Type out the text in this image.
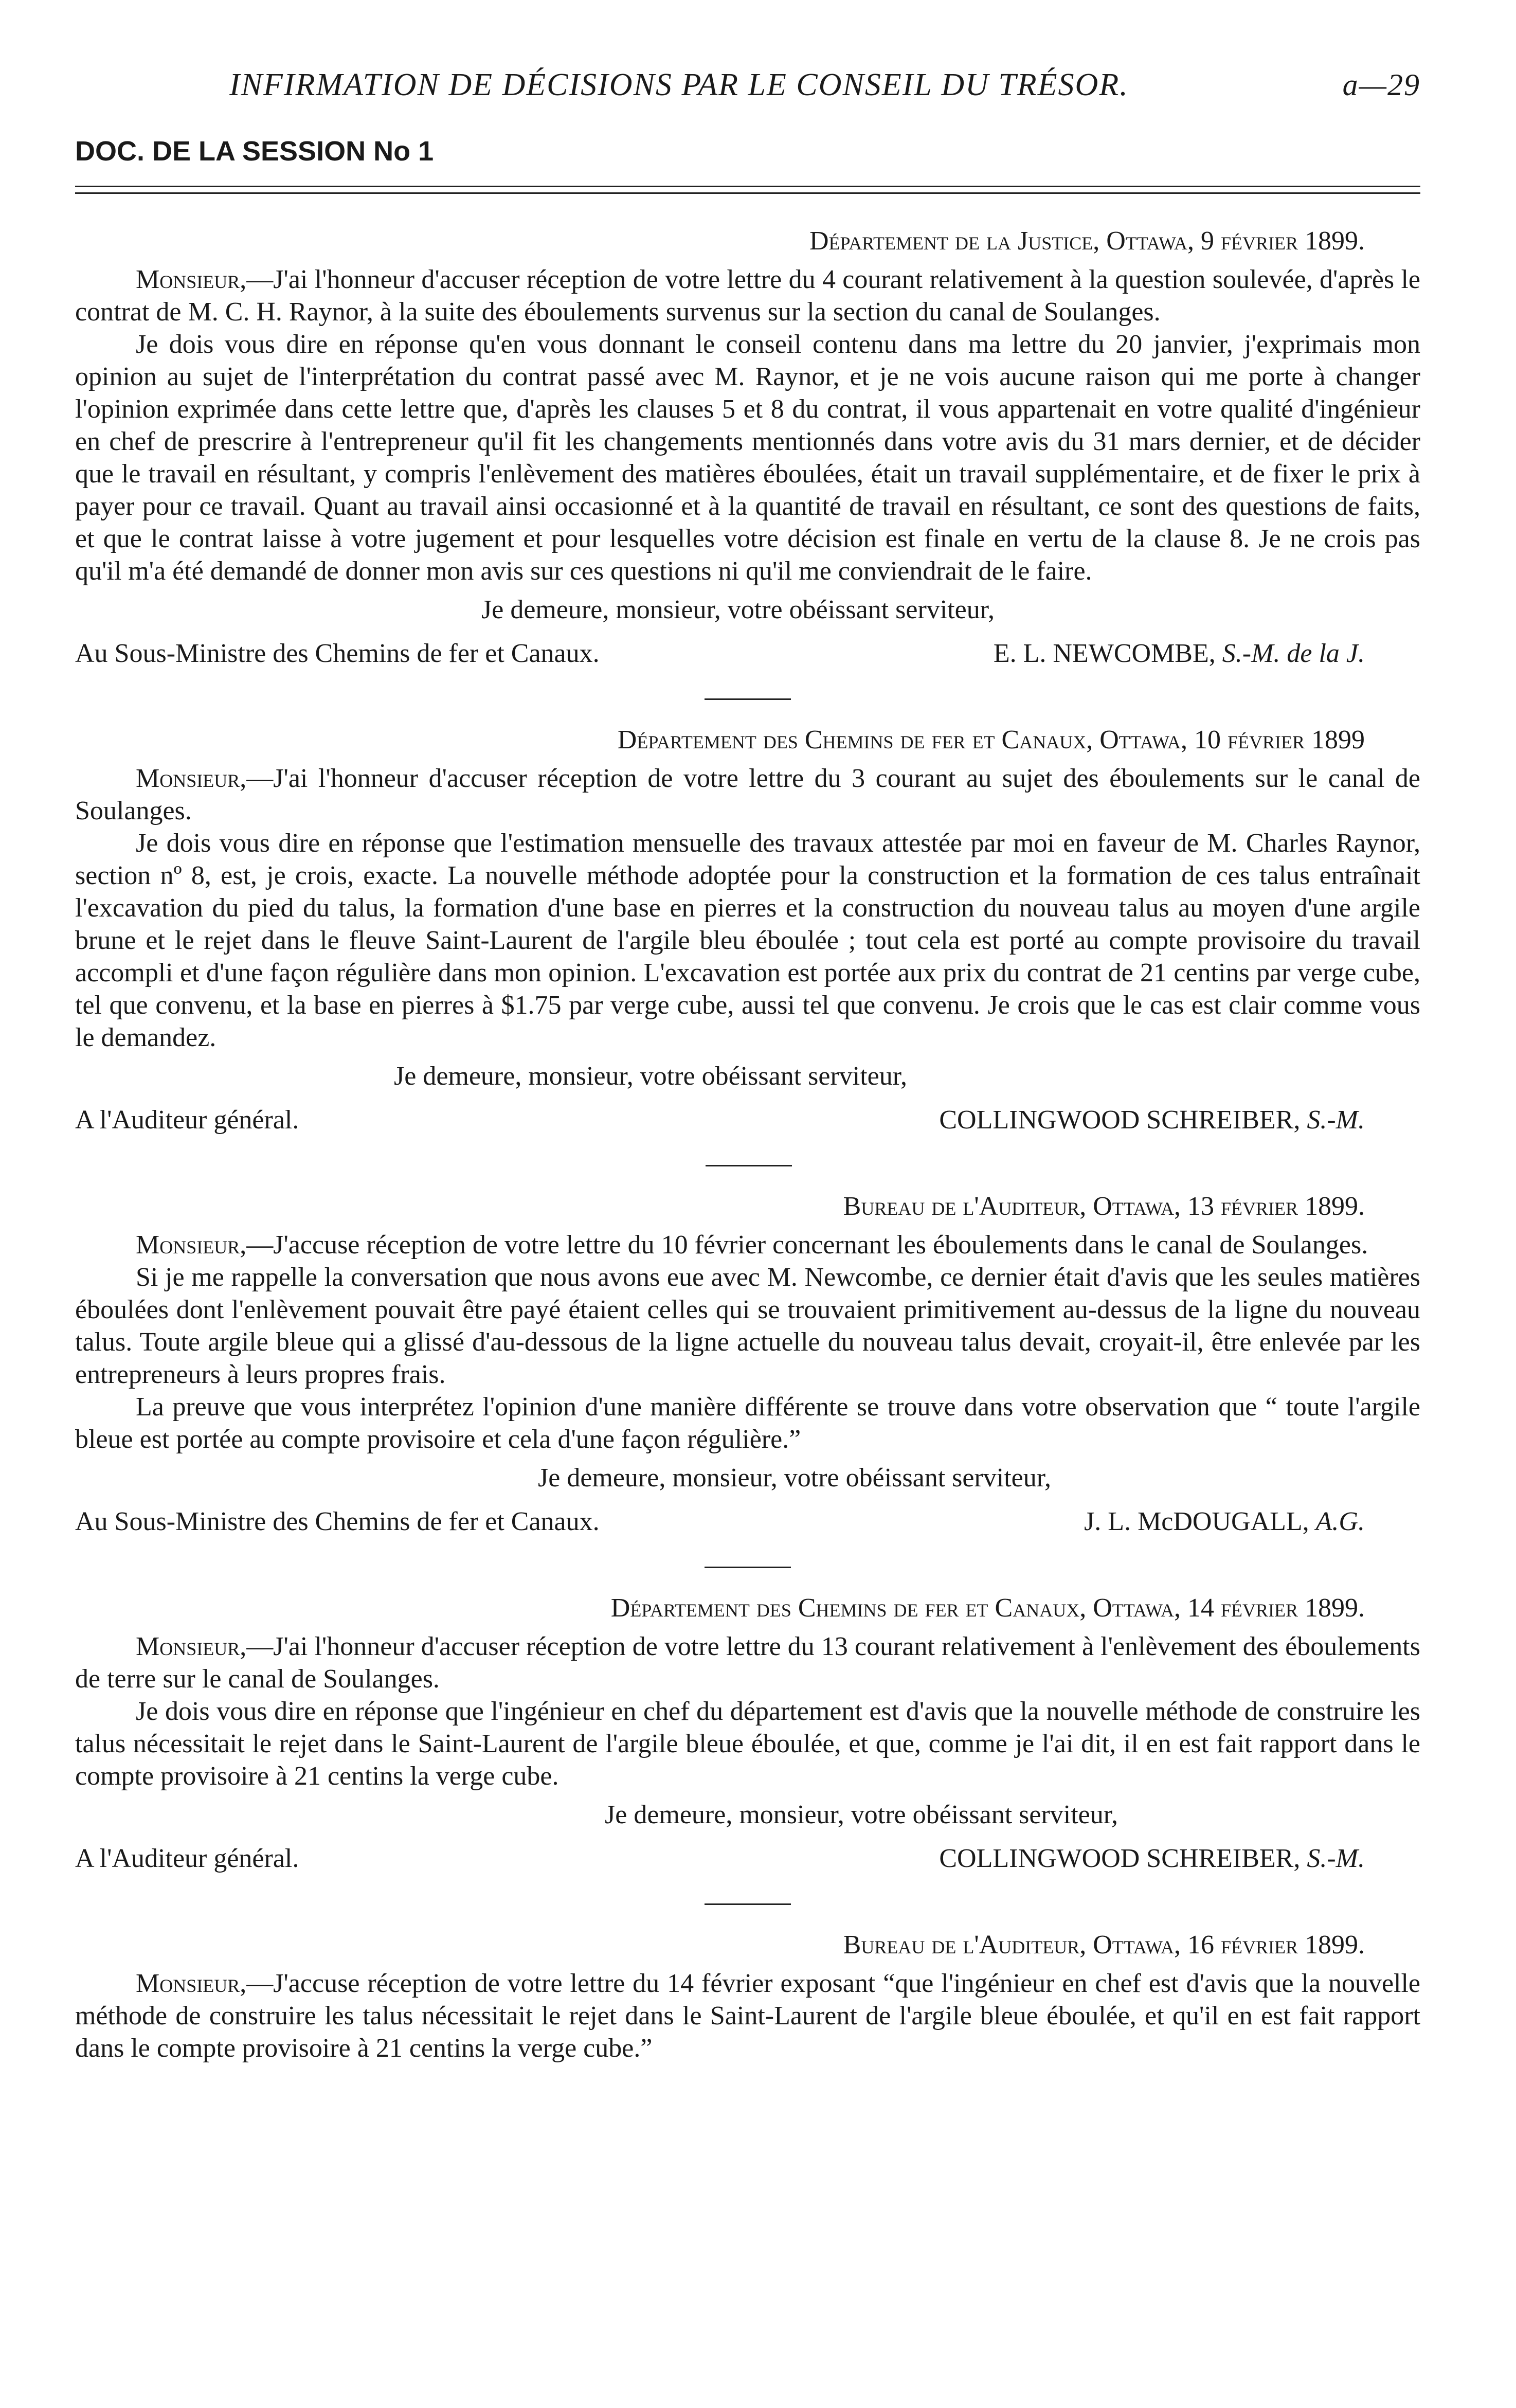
INFIRMATION DE DÉCISIONS PAR LE CONSEIL DU TRÉSOR.	a—29
DOC. DE LA SESSION No 1
Département de la Justice, Ottawa, 9 février 1899.

Monsieur,—J'ai l'honneur d'accuser réception de votre lettre du 4 courant relativement à la question soulevée, d'après le contrat de M. C. H. Raynor, à la suite des éboulements survenus sur la section du canal de Soulanges.

Je dois vous dire en réponse qu'en vous donnant le conseil contenu dans ma lettre du 20 janvier, j'exprimais mon opinion au sujet de l'interprétation du contrat passé avec M. Raynor, et je ne vois aucune raison qui me porte à changer l'opinion exprimée dans cette lettre que, d'après les clauses 5 et 8 du contrat, il vous appartenait en votre qualité d'ingénieur en chef de prescrire à l'entrepreneur qu'il fit les changements mentionnés dans votre avis du 31 mars dernier, et de décider que le travail en résultant, y compris l'enlèvement des matières éboulées, était un travail supplémentaire, et de fixer le prix à payer pour ce travail. Quant au travail ainsi occasionné et à la quantité de travail en résultant, ce sont des questions de faits, et que le contrat laisse à votre jugement et pour lesquelles votre décision est finale en vertu de la clause 8. Je ne crois pas qu'il m'a été demandé de donner mon avis sur ces questions ni qu'il me conviendrait de le faire.

Je demeure, monsieur, votre obéissant serviteur,
Au Sous-Ministre des Chemins de fer et Canaux.	E. L. NEWCOMBE, S.-M. de la J.
Département des Chemins de fer et Canaux, Ottawa, 10 février 1899

Monsieur,—J'ai l'honneur d'accuser réception de votre lettre du 3 courant au sujet des éboulements sur le canal de Soulanges.

Je dois vous dire en réponse que l'estimation mensuelle des travaux attestée par moi en faveur de M. Charles Raynor, section nº 8, est, je crois, exacte. La nouvelle méthode adoptée pour la construction et la formation de ces talus entraînait l'excavation du pied du talus, la formation d'une base en pierres et la construction du nouveau talus au moyen d'une argile brune et le rejet dans le fleuve Saint-Laurent de l'argile bleu éboulée ; tout cela est porté au compte provisoire du travail accompli et d'une façon régulière dans mon opinion. L'excavation est portée aux prix du contrat de 21 centins par verge cube, tel que convenu, et la base en pierres à $1.75 par verge cube, aussi tel que convenu. Je crois que le cas est clair comme vous le demandez.

Je demeure, monsieur, votre obéissant serviteur,
A l'Auditeur général.	COLLINGWOOD SCHREIBER, S.-M.
Bureau de l'Auditeur, Ottawa, 13 février 1899.

Monsieur,—J'accuse réception de votre lettre du 10 février concernant les éboulements dans le canal de Soulanges.

Si je me rappelle la conversation que nous avons eue avec M. Newcombe, ce dernier était d'avis que les seules matières éboulées dont l'enlèvement pouvait être payé étaient celles qui se trouvaient primitivement au-dessus de la ligne du nouveau talus. Toute argile bleue qui a glissé d'au-dessous de la ligne actuelle du nouveau talus devait, croyait-il, être enlevée par les entrepreneurs à leurs propres frais.

La preuve que vous interprétez l'opinion d'une manière différente se trouve dans votre observation que “ toute l'argile bleue est portée au compte provisoire et cela d'une façon régulière.”

Je demeure, monsieur, votre obéissant serviteur,
Au Sous-Ministre des Chemins de fer et Canaux.	J. L. McDOUGALL, A.G.
Département des Chemins de fer et Canaux, Ottawa, 14 février 1899.

Monsieur,—J'ai l'honneur d'accuser réception de votre lettre du 13 courant relativement à l'enlèvement des éboulements de terre sur le canal de Soulanges.

Je dois vous dire en réponse que l'ingénieur en chef du département est d'avis que la nouvelle méthode de construire les talus nécessitait le rejet dans le Saint-Laurent de l'argile bleue éboulée, et que, comme je l'ai dit, il en est fait rapport dans le compte provisoire à 21 centins la verge cube.

Je demeure, monsieur, votre obéissant serviteur,
A l'Auditeur général.	COLLINGWOOD SCHREIBER, S.-M.
Bureau de l'Auditeur, Ottawa, 16 février 1899.

Monsieur,—J'accuse réception de votre lettre du 14 février exposant “que l'ingénieur en chef est d'avis que la nouvelle méthode de construire les talus nécessitait le rejet dans le Saint-Laurent de l'argile bleue éboulée, et qu'il en est fait rapport dans le compte provisoire à 21 centins la verge cube.”
